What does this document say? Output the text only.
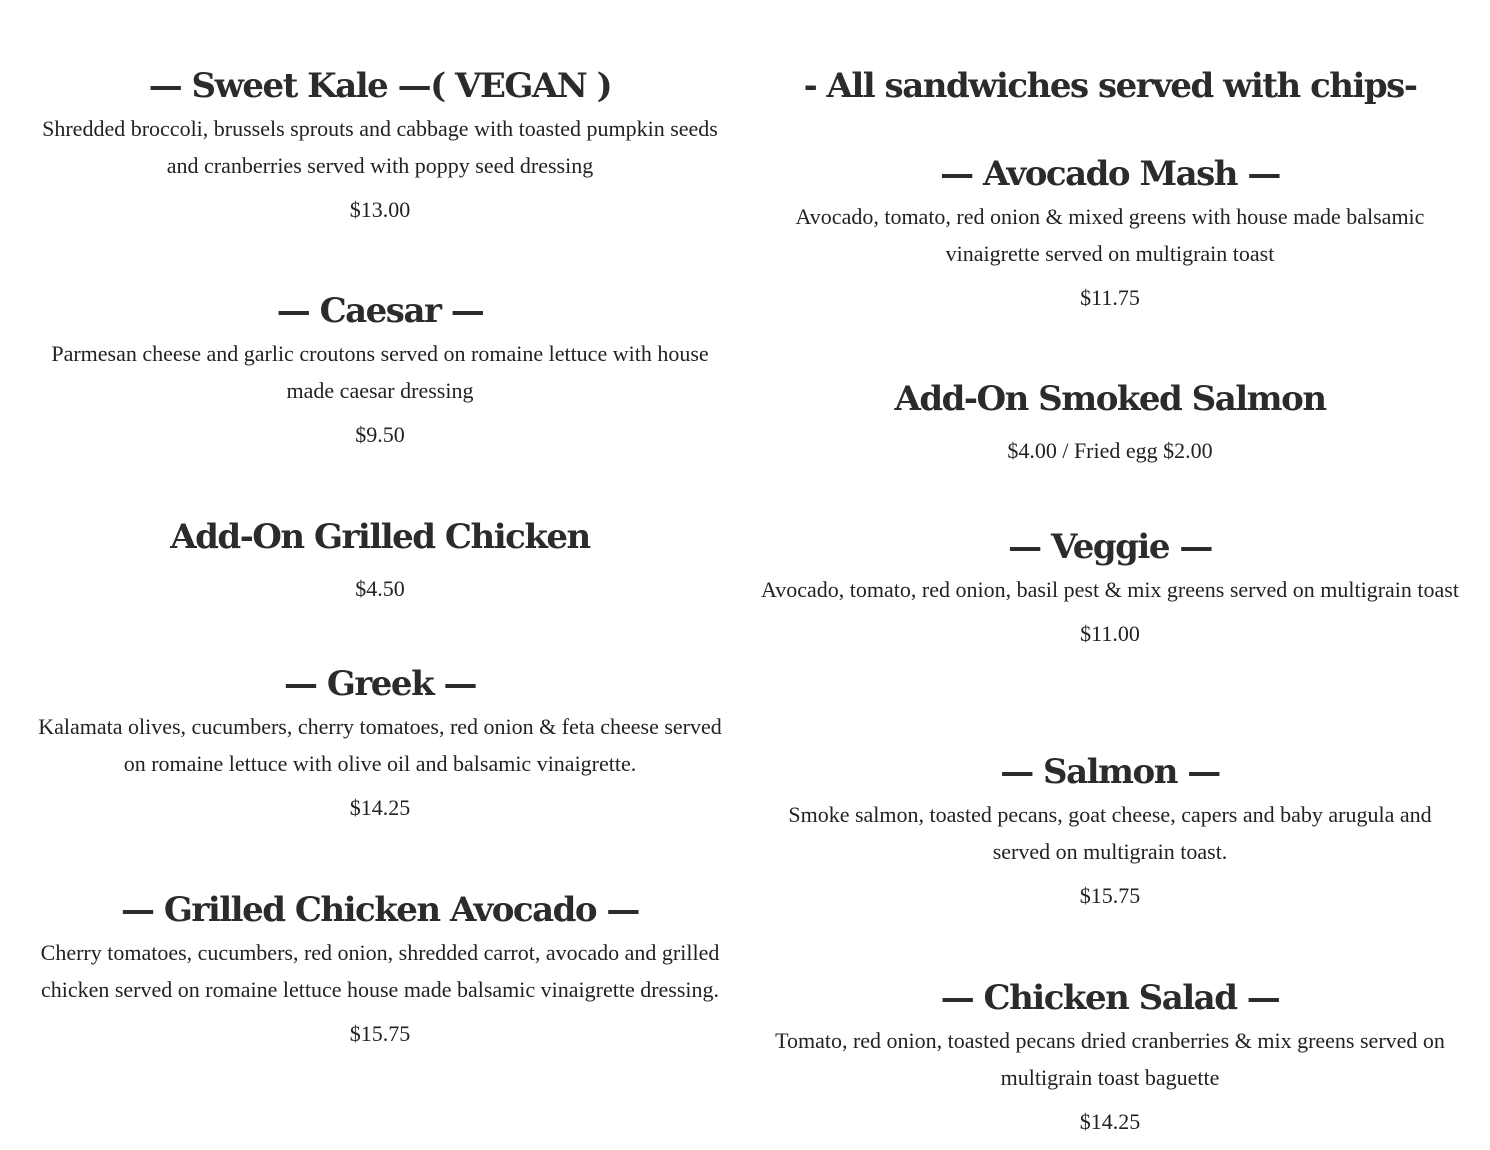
— Sweet Kale —( VEGAN )

Shredded broccoli, brussels sprouts and cabbage with toasted pumpkin seeds and cranberries served with poppy seed dressing

$13.00

— Caesar —

Parmesan cheese and garlic croutons served on romaine lettuce with house made caesar dressing

$9.50

Add-On Grilled Chicken

$4.50

— Greek —

Kalamata olives, cucumbers, cherry tomatoes, red onion & feta cheese served on romaine lettuce with olive oil and balsamic vinaigrette.

$14.25

— Grilled Chicken Avocado —

Cherry tomatoes, cucumbers, red onion, shredded carrot, avocado and grilled chicken served on romaine lettuce house made balsamic vinaigrette dressing.

$15.75

- All sandwiches served with chips-
— Avocado Mash —

Avocado, tomato, red onion & mixed greens with house made balsamic vinaigrette served on multigrain toast

$11.75

Add-On Smoked Salmon

$4.00 / Fried egg $2.00

— Veggie —

Avocado, tomato, red onion, basil pest & mix greens served on multigrain toast

$11.00

— Salmon —

Smoke salmon, toasted pecans, goat cheese, capers and baby arugula and served on multigrain toast.

$15.75

— Chicken Salad —

Tomato, red onion, toasted pecans dried cranberries & mix greens served on multigrain toast baguette

$14.25
